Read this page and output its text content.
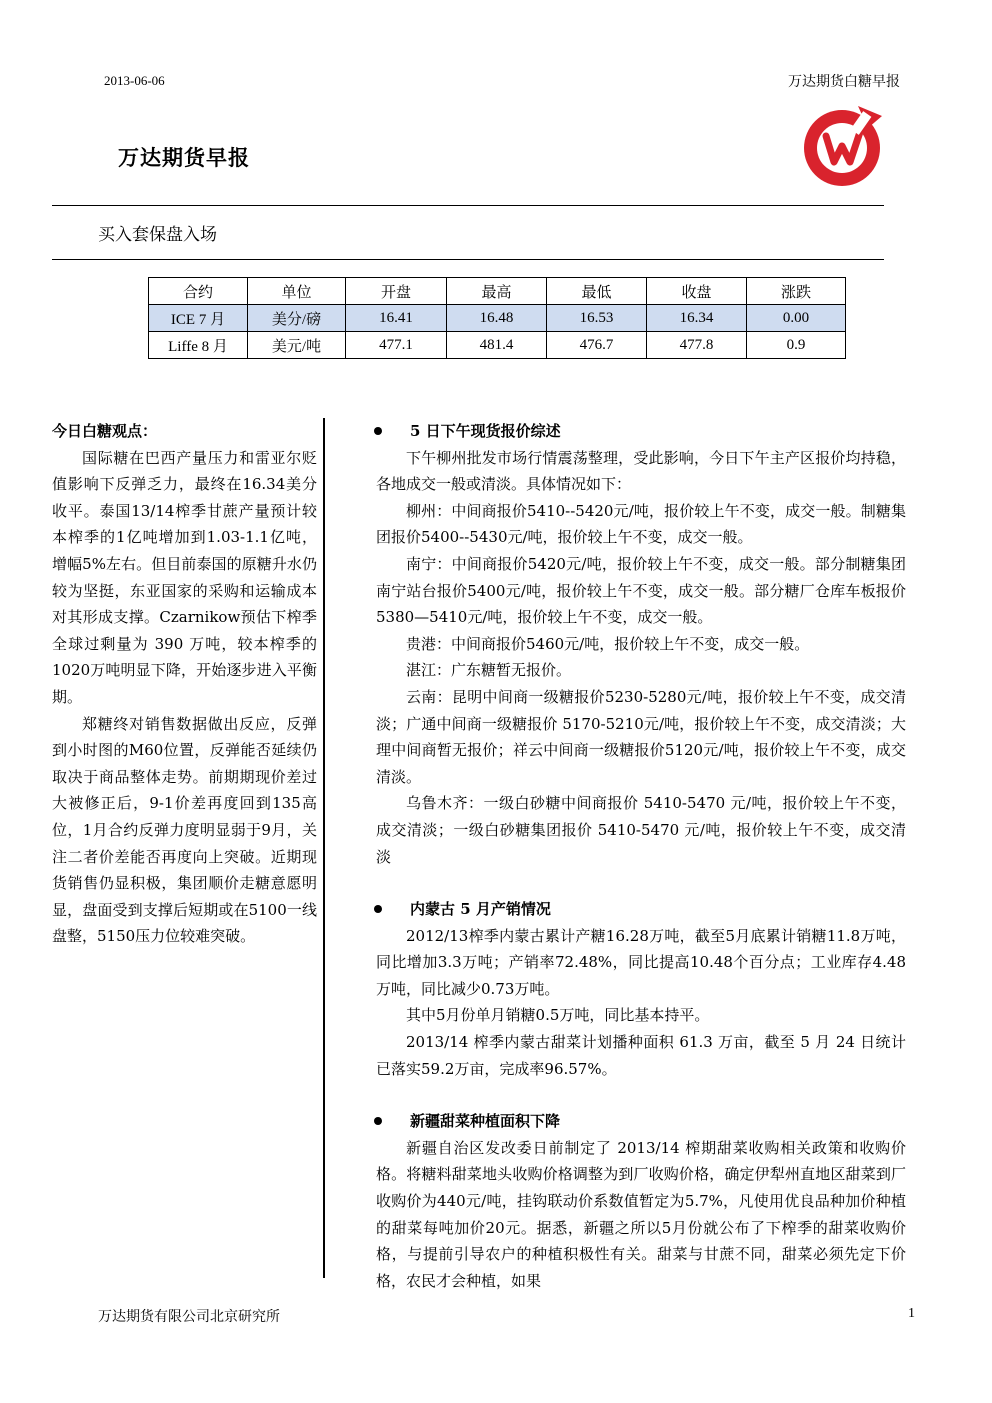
2013-06-06	万达期货白糖早报
万达期货早报
买入套保盘入场
合约	单位	开盘	最高	最低	收盘	涨跌
ICE 7 月	美分/磅	16.41	16.48	16.53	16.34	0.00
Liffe 8 月	美元/吨	477.1	481.4	476.7	477.8	0.9
今日白糖观点：

国际糖在巴西产量压力和雷亚尔贬值影响下反弹乏力，最终在16.34美分收平。泰国13/14榨季甘蔗产量预计较本榨季的1亿吨增加到1.03-1.1亿吨，增幅5%左右。但目前泰国的原糖升水仍较为坚挺，东亚国家的采购和运输成本对其形成支撑。Czarnikow预估下榨季全球过剩量为 390 万吨，较本榨季的1020万吨明显下降，开始逐步进入平衡期。

郑糖终对销售数据做出反应，反弹到小时图的M60位置，反弹能否延续仍取决于商品整体走势。前期期现价差过大被修正后，9-1价差再度回到135高位，1月合约反弹力度明显弱于9月，关注二者价差能否再度向上突破。近期现货销售仍显积极，集团顺价走糖意愿明显，盘面受到支撑后短期或在5100一线盘整，5150压力位较难突破。

5 日下午现货报价综述

下午柳州批发市场行情震荡整理，受此影响，今日下午主产区报价均持稳，各地成交一般或清淡。具体情况如下：

柳州：中间商报价5410--5420元/吨，报价较上午不变，成交一般。制糖集团报价5400--5430元/吨，报价较上午不变，成交一般。

南宁：中间商报价5420元/吨，报价较上午不变，成交一般。部分制糖集团南宁站台报价5400元/吨，报价较上午不变，成交一般。部分糖厂仓库车板报价5380—5410元/吨，报价较上午不变，成交一般。

贵港：中间商报价5460元/吨，报价较上午不变，成交一般。

湛江：广东糖暂无报价。

云南：昆明中间商一级糖报价5230-5280元/吨，报价较上午不变，成交清淡；广通中间商一级糖报价 5170-5210元/吨，报价较上午不变，成交清淡；大理中间商暂无报价；祥云中间商一级糖报价5120元/吨，报价较上午不变，成交清淡。

乌鲁木齐：一级白砂糖中间商报价 5410-5470 元/吨，报价较上午不变，成交清淡；一级白砂糖集团报价 5410-5470 元/吨，报价较上午不变，成交清淡

内蒙古 5 月产销情况

2012/13榨季内蒙古累计产糖16.28万吨，截至5月底累计销糖11.8万吨，同比增加3.3万吨；产销率72.48%，同比提高10.48个百分点；工业库存4.48万吨，同比减少0.73万吨。

其中5月份单月销糖0.5万吨，同比基本持平。

2013/14 榨季内蒙古甜菜计划播种面积 61.3 万亩，截至 5 月 24 日统计已落实59.2万亩，完成率96.57%。

新疆甜菜种植面积下降

新疆自治区发改委日前制定了 2013/14 榨期甜菜收购相关政策和收购价格。将糖料甜菜地头收购价格调整为到厂收购价格，确定伊犁州直地区甜菜到厂收购价为440元/吨，挂钩联动价系数值暂定为5.7%，凡使用优良品种加价种植的甜菜每吨加价20元。据悉，新疆之所以5月份就公布了下榨季的甜菜收购价格，与提前引导农户的种植积极性有关。甜菜与甘蔗不同，甜菜必须先定下价格，农民才会种植，如果

万达期货有限公司北京研究所	1
